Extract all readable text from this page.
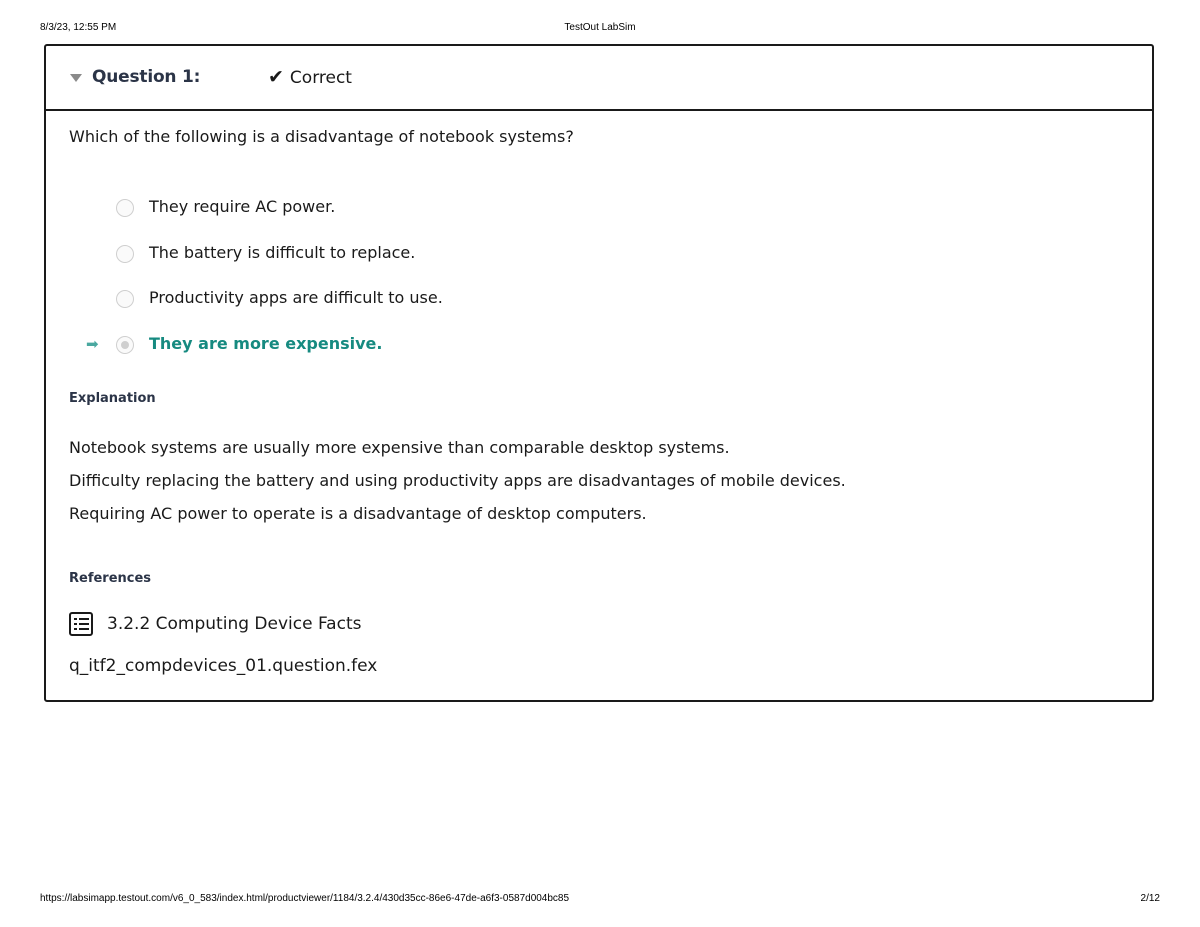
8/3/23, 12:55 PM	TestOut LabSim
Question 1:	✔ Correct
Which of the following is a disadvantage of notebook systems?
They require AC power.
The battery is difficult to replace.
Productivity apps are difficult to use.
➡	They are more expensive.
Explanation
Notebook systems are usually more expensive than comparable desktop systems.
Difficulty replacing the battery and using productivity apps are disadvantages of mobile devices.
Requiring AC power to operate is a disadvantage of desktop computers.
References
3.2.2 Computing Device Facts
q_itf2_compdevices_01.question.fex
https://labsimapp.testout.com/v6_0_583/index.html/productviewer/1184/3.2.4/430d35cc-86e6-47de-a6f3-0587d004bc85	2/12
